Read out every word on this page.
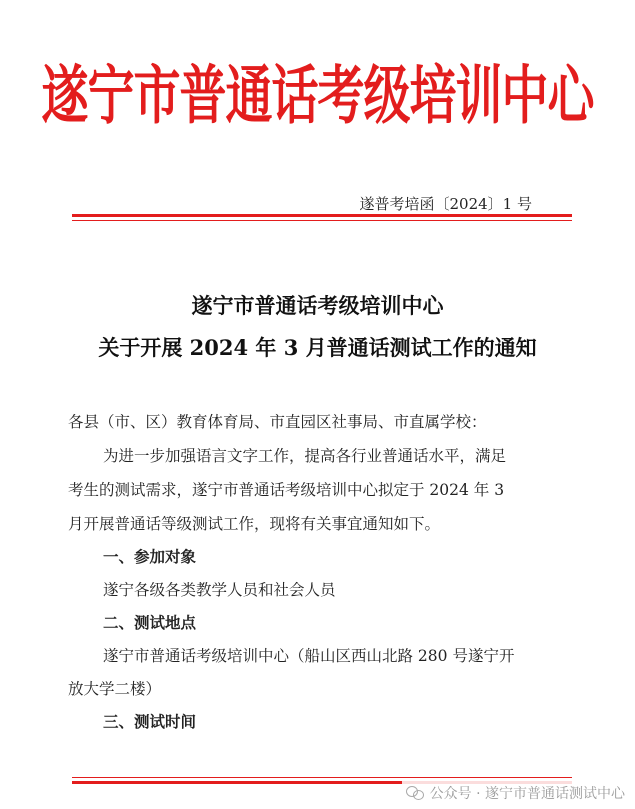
遂宁市普通话考级培训中心
遂普考培函〔2024〕1 号
遂宁市普通话考级培训中心
关于开展 2024 年 3 月普通话测试工作的通知
各县（市、区）教育体育局、市直园区社事局、市直属学校：
为进一步加强语言文字工作，提高各行业普通话水平，满足
考生的测试需求，遂宁市普通话考级培训中心拟定于 2024 年 3
月开展普通话等级测试工作，现将有关事宜通知如下。
一、参加对象
遂宁各级各类教学人员和社会人员
二、测试地点
遂宁市普通话考级培训中心（船山区西山北路 280 号遂宁开
放大学二楼）
三、测试时间
公众号 · 遂宁市普通话测试中心
